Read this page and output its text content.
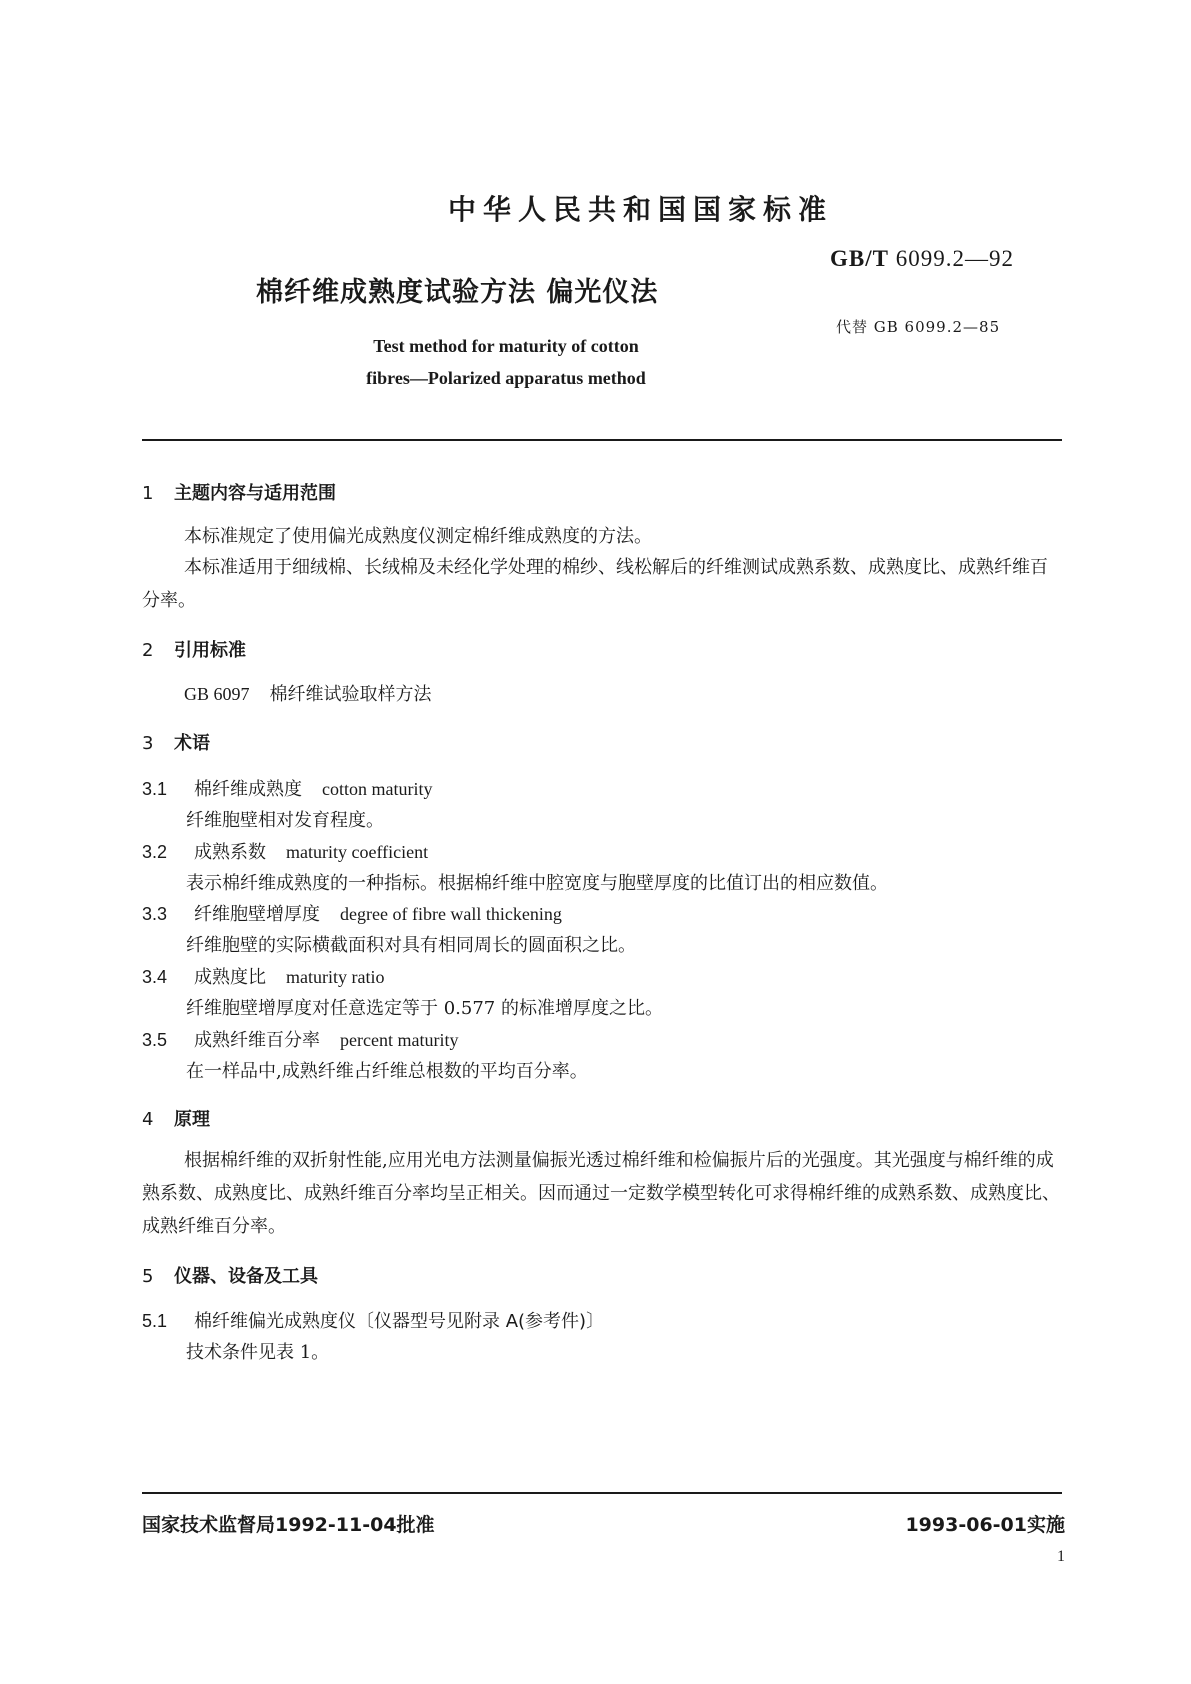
中华人民共和国国家标准
棉纤维成熟度试验方法 偏光仪法
GB/T 6099.2—92
代替 GB 6099.2—85
Test method for maturity of cotton
fibres—Polarized apparatus method
1 主题内容与适用范围
本标准规定了使用偏光成熟度仪测定棉纤维成熟度的方法。
本标准适用于细绒棉、长绒棉及未经化学处理的棉纱、线松解后的纤维测试成熟系数、成熟度比、成熟纤维百分率。
2 引用标准
GB 6097 棉纤维试验取样方法
3 术语
3.1 棉纤维成熟度 cotton maturity
纤维胞壁相对发育程度。
3.2 成熟系数 maturity coefficient
表示棉纤维成熟度的一种指标。根据棉纤维中腔宽度与胞壁厚度的比值订出的相应数值。
3.3 纤维胞壁增厚度 degree of fibre wall thickening
纤维胞壁的实际横截面积对具有相同周长的圆面积之比。
3.4 成熟度比 maturity ratio
纤维胞壁增厚度对任意选定等于 0.577 的标准增厚度之比。
3.5 成熟纤维百分率 percent maturity
在一样品中,成熟纤维占纤维总根数的平均百分率。
4 原理
根据棉纤维的双折射性能,应用光电方法测量偏振光透过棉纤维和检偏振片后的光强度。其光强度与棉纤维的成熟系数、成熟度比、成熟纤维百分率均呈正相关。因而通过一定数学模型转化可求得棉纤维的成熟系数、成熟度比、成熟纤维百分率。
5 仪器、设备及工具
5.1 棉纤维偏光成熟度仪〔仪器型号见附录 A(参考件)〕
技术条件见表 1。
国家技术监督局1992-11-04批准	1993-06-01实施
1
